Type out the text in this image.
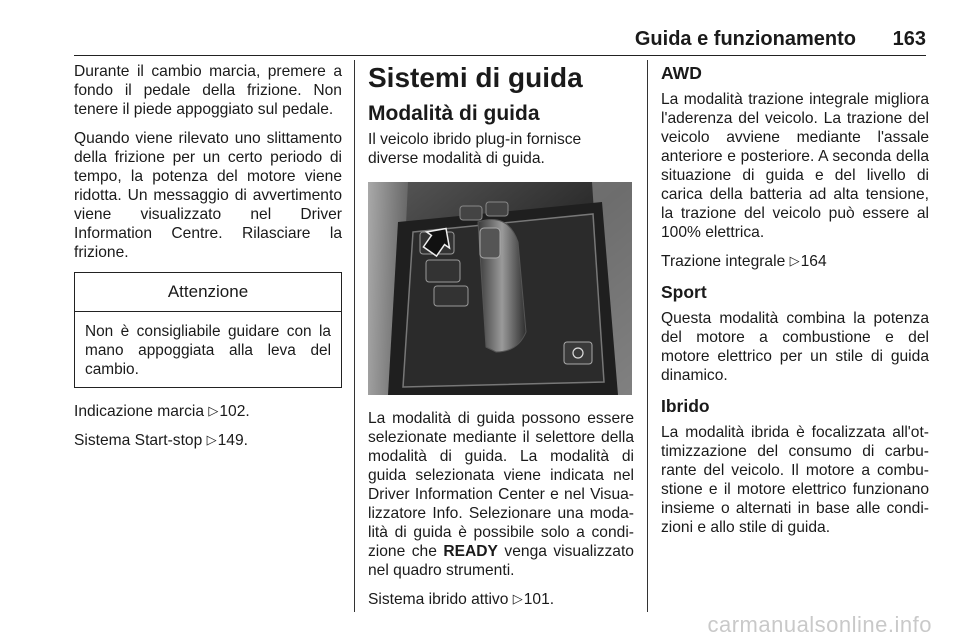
Guida e funzionamento 163

Durante il cambio marcia, premere a fondo il pedale della frizione. Non tenere il piede appoggiato sul pedale.

Quando viene rilevato uno slittamento della frizione per un certo periodo di tempo, la potenza del motore viene ridotta. Un messaggio di avvertimento viene visualizzato nel Driver Information Centre. Rilasciare la frizione.

Attenzione
Non è consigliabile guidare con la mano appoggiata alla leva del cambio.

Indicazione marcia ▷102.

Sistema Start-stop ▷149.

Sistemi di guida
Modalità di guida

Il veicolo ibrido plug-in fornisce diverse modalità di guida.

La modalità di guida possono essere selezionate mediante il selettore della modalità di guida. La modalità di guida selezionata viene indicata nel Driver Information Center e nel Visualizzatore Info. Selezionare una modalità di guida è possibile solo a condizione che READY venga visualizzato nel quadro strumenti.

Sistema ibrido attivo ▷101.

AWD

La modalità trazione integrale migliora l'aderenza del veicolo. La trazione del veicolo avviene mediante l'assale anteriore e posteriore. A seconda della situazione di guida e del livello di carica della batteria ad alta tensione, la trazione del veicolo può essere al 100% elettrica.

Trazione integrale ▷164

Sport

Questa modalità combina la potenza del motore a combustione e del motore elettrico per un stile di guida dinamico.

Ibrido

La modalità ibrida è focalizzata all'ottimizzazione del consumo di carburante del veicolo. Il motore a combustione e il motore elettrico funzionano insieme o alternati in base alle condizioni e allo stile di guida.

carmanualsonline.info
